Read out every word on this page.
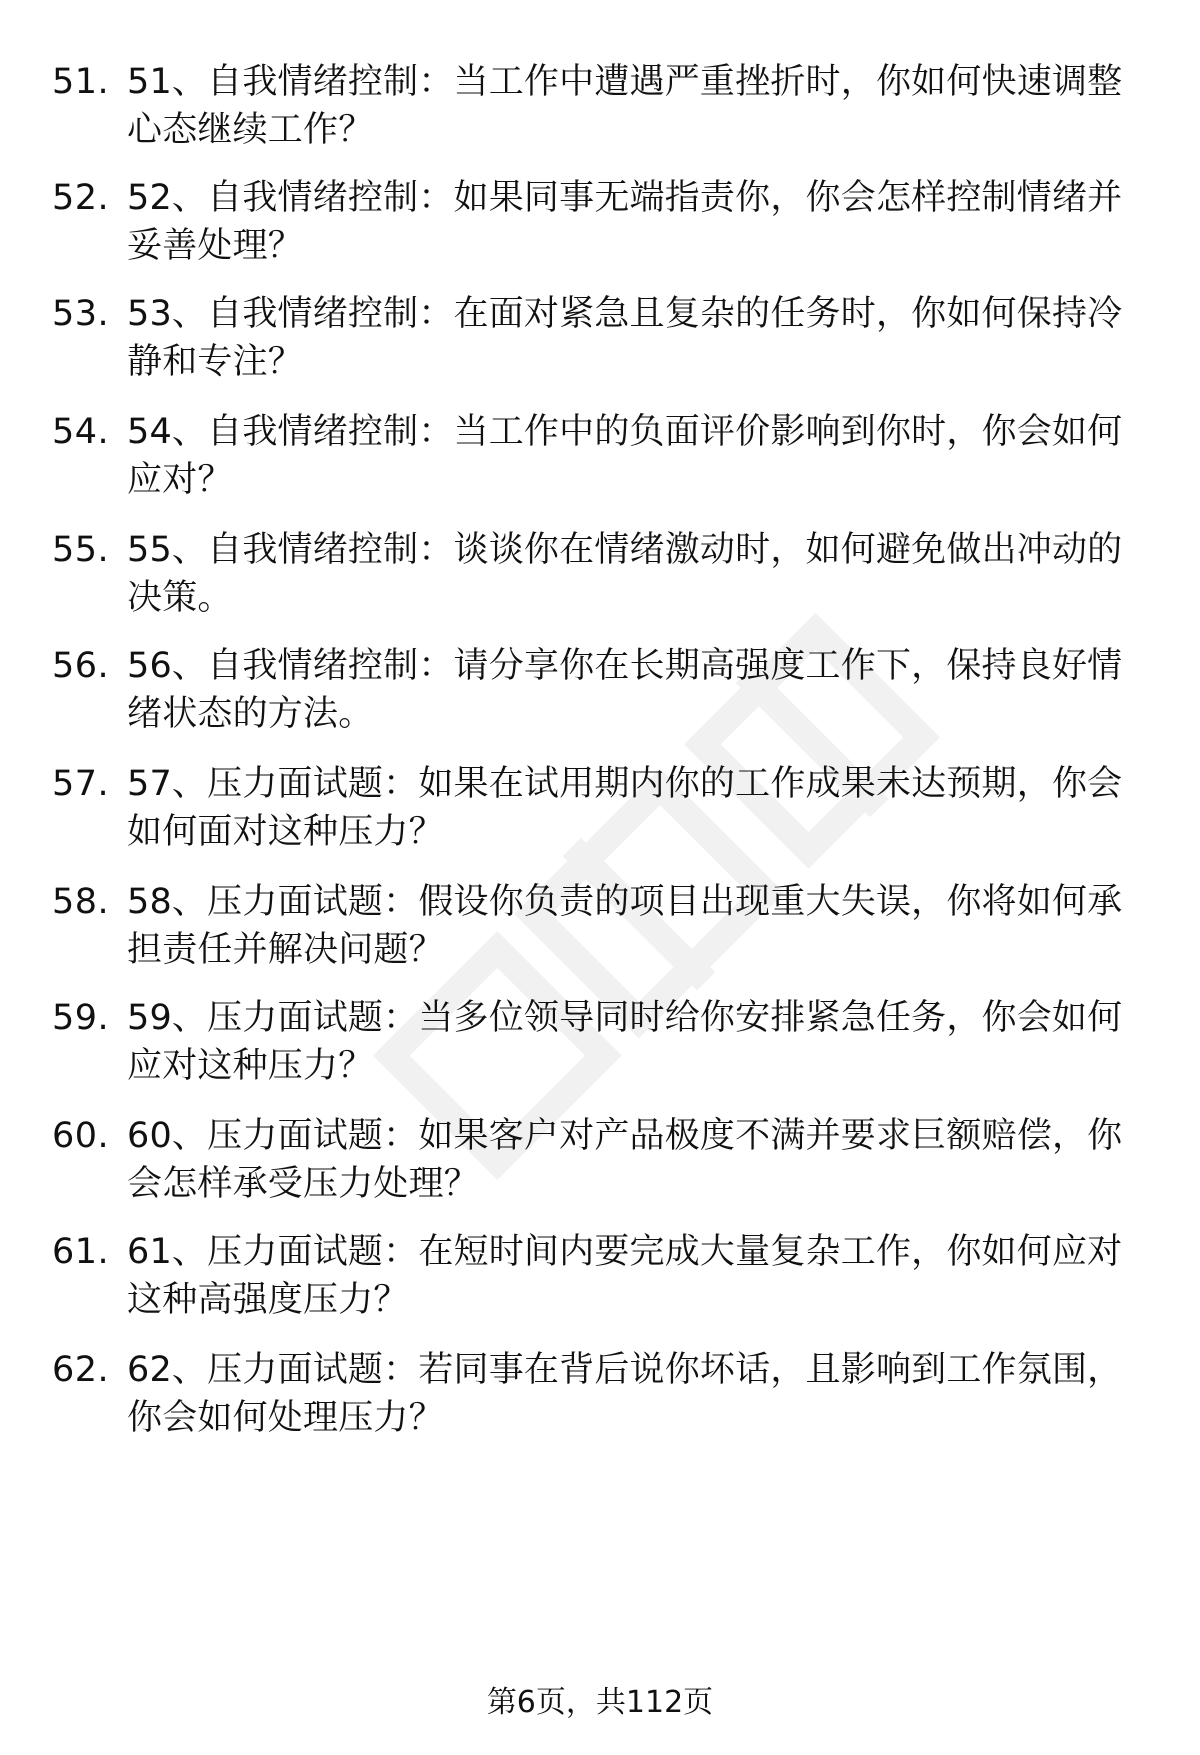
51. 51、自我情绪控制：当工作中遭遇严重挫折时，你如何快速调整
心态继续工作？
52. 52、自我情绪控制：如果同事无端指责你，你会怎样控制情绪并
妥善处理？
53. 53、自我情绪控制：在面对紧急且复杂的任务时，你如何保持冷
静和专注？
54. 54、自我情绪控制：当工作中的负面评价影响到你时，你会如何
应对？
55. 55、自我情绪控制：谈谈你在情绪激动时，如何避免做出冲动的
决策。
56. 56、自我情绪控制：请分享你在长期高强度工作下，保持良好情
绪状态的方法。
57. 57、压力面试题：如果在试用期内你的工作成果未达预期，你会
如何面对这种压力？
58. 58、压力面试题：假设你负责的项目出现重大失误，你将如何承
担责任并解决问题？
59. 59、压力面试题：当多位领导同时给你安排紧急任务，你会如何
应对这种压力？
60. 60、压力面试题：如果客户对产品极度不满并要求巨额赔偿，你
会怎样承受压力处理？
61. 61、压力面试题：在短时间内要完成大量复杂工作，你如何应对
这种高强度压力？
62. 62、压力面试题：若同事在背后说你坏话，且影响到工作氛围，
你会如何处理压力？
第6页，共112页
